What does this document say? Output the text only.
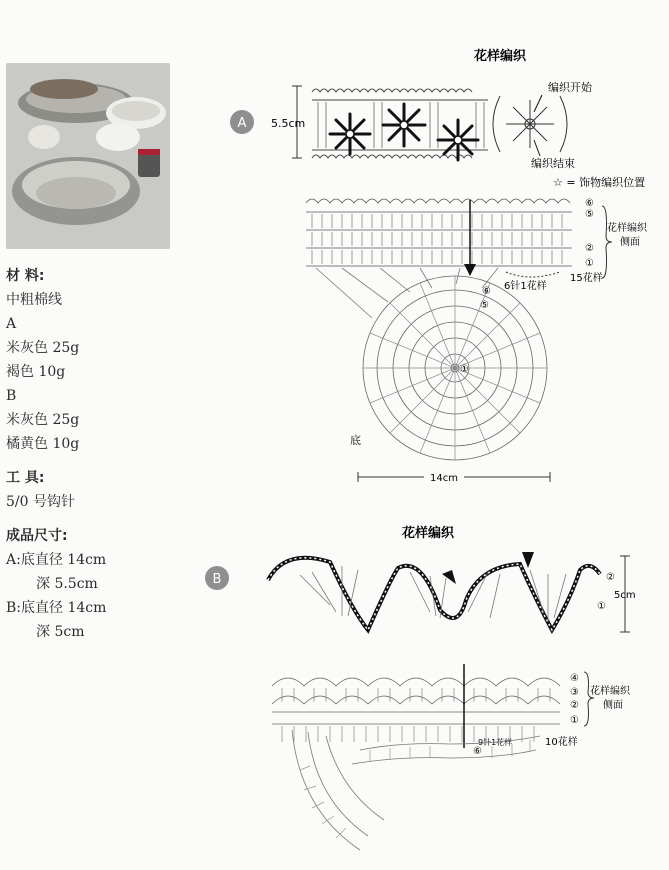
材 料:
中粗棉线
A
米灰色 25g
褐色 10g
B
米灰色 25g
橘黄色 10g
工 具:
5/0 号钩针
成品尺寸:
A:底直径 14cm
深 5.5cm
B:底直径 14cm
深 5cm
花样编织
A 5.5cm
编织开始
编织结束
☆ = 饰物编织位置
⑥
⑤
②
①
花样编织
侧面
15花样
6针1花样
①
⑥
⑤
底
14cm
花样编织
B	②
①
5cm
④
③
②
①
花样编织
侧面
10花样
9针1花样
⑥
